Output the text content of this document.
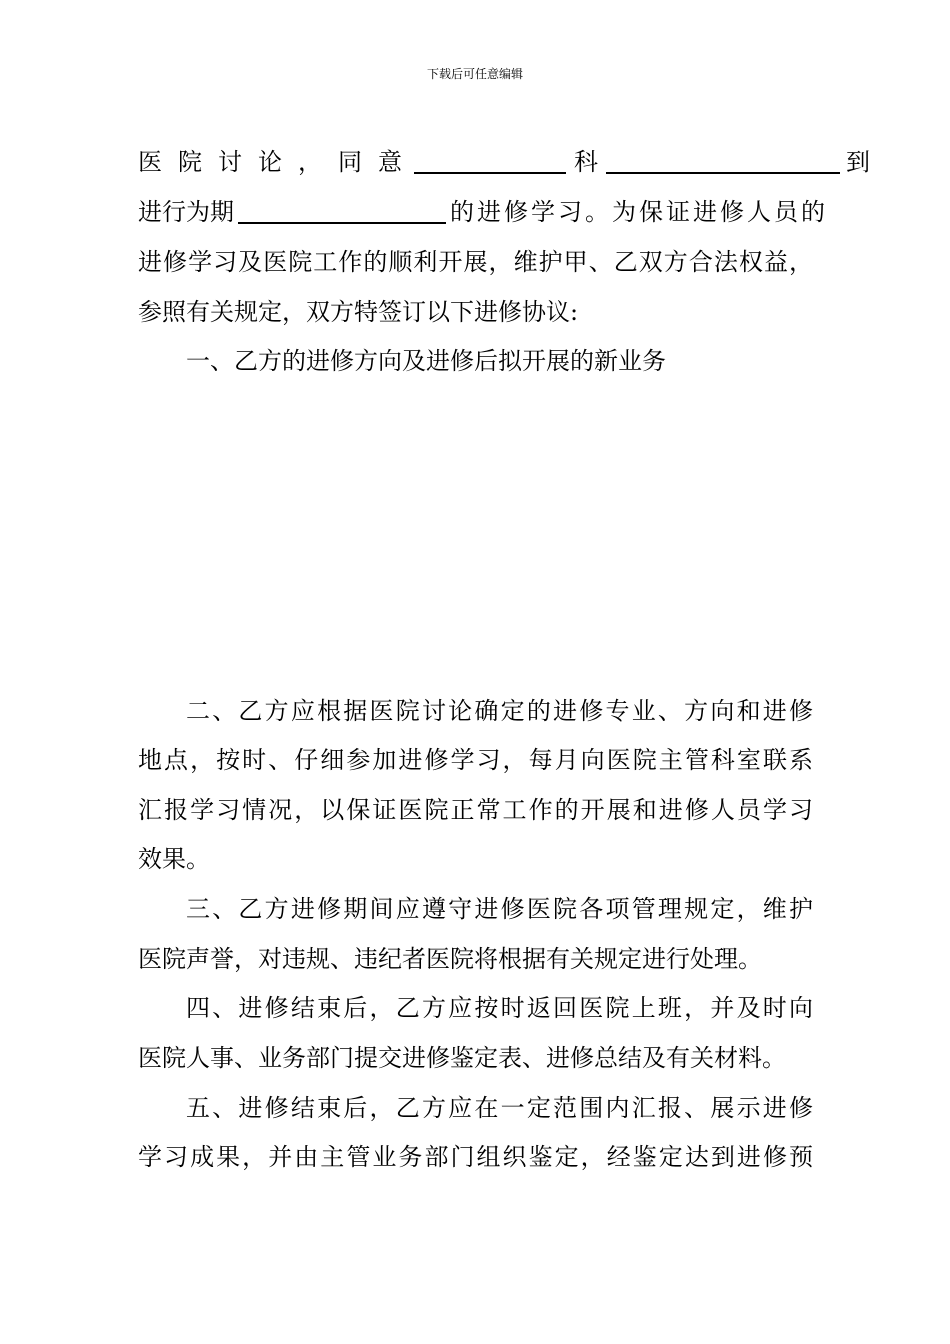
下载后可任意编辑
医院讨论，同意	科	到
进行为期	的进修学习。为保证进修人员的
进修学习及医院工作的顺利开展，维护甲、乙双方合法权益，
参照有关规定，双方特签订以下进修协议:
一、乙方的进修方向及进修后拟开展的新业务
二、乙方应根据医院讨论确定的进修专业、方向和进修
地点，按时、仔细参加进修学习，每月向医院主管科室联系
汇报学习情况，以保证医院正常工作的开展和进修人员学习
效果。
三、乙方进修期间应遵守进修医院各项管理规定，维护
医院声誉，对违规、违纪者医院将根据有关规定进行处理。
四、进修结束后，乙方应按时返回医院上班，并及时向
医院人事、业务部门提交进修鉴定表、进修总结及有关材料。
五、进修结束后，乙方应在一定范围内汇报、展示进修
学习成果，并由主管业务部门组织鉴定，经鉴定达到进修预
